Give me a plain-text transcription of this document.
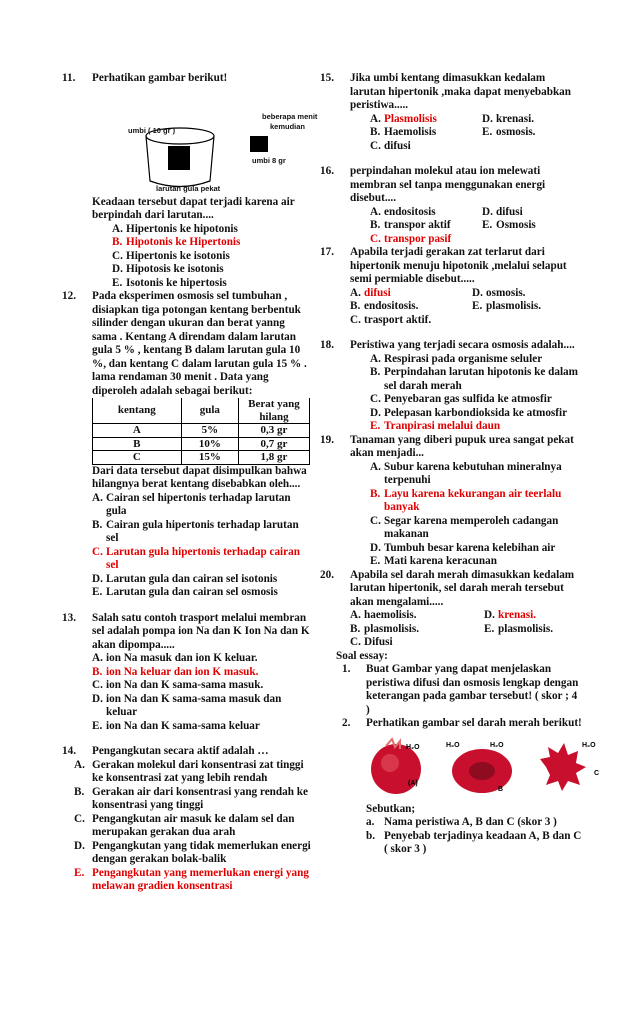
11. Perhatikan gambar berikut!
umbi ( 10 gr )
beberapa menit
kemudian
umbi 8 gr
larutan gula pekat
Keadaan tersebut dapat terjadi karena air berpindah dari larutan....
A. Hipertonis ke hipotonis
B. Hipotonis ke Hipertonis
C. Hipertonis ke isotonis
D. Hipotosis ke isotonis
E. Isotonis ke hipertosis
12. Pada eksperimen osmosis sel tumbuhan , disiapkan tiga potongan kentang berbentuk silinder dengan ukuran dan berat yanng sama . Kentang A direndam dalam larutan gula 5 % , kentang B dalam larutan gula 10 %, dan kentang C dalam larutan gula 15 % . lama rendaman 30 menit . Data yang diperoleh adalah sebagai berikut:
kentang	gula	Berat yang hilang
A	5%	0,3 gr
B	10%	0,7 gr
C	15%	1,8 gr
Dari data tersebut dapat disimpulkan bahwa hilangnya berat kentang disebabkan oleh....
A. Cairan sel hipertonis terhadap larutan gula
B. Cairan gula hipertonis terhadap larutan sel
C. Larutan gula hipertonis terhadap cairan sel
D. Larutan gula dan cairan sel isotonis
E. Larutan gula dan cairan sel osmosis
13. Salah satu contoh trasport melalui membran sel adalah pompa ion Na dan K Ion Na dan K akan dipompa.....
A. ion Na masuk dan ion K keluar.
B. ion Na keluar dan ion K masuk.
C. ion Na dan K sama-sama masuk.
D. ion Na dan K sama-sama masuk dan keluar
E. ion Na dan K sama-sama keluar
14. Pengangkutan secara aktif adalah …
A. Gerakan molekul dari konsentrasi zat tinggi ke konsentrasi zat yang lebih rendah
B. Gerakan air dari konsentrasi yang rendah ke konsentrasi yang tinggi
C. Pengangkutan air masuk ke dalam sel dan merupakan gerakan dua arah
D. Pengangkutan yang tidak memerlukan energi dengan gerakan bolak-balik
E. Pengangkutan yang memerlukan energi yang melawan gradien konsentrasi
15. Jika umbi kentang dimasukkan kedalam larutan hipertonik ,maka dapat menyebabkan peristiwa.....
A. Plasmolisis	D. krenasi.
B. Haemolisis	E. osmosis.
C. difusi
16. perpindahan molekul atau ion melewati membran sel tanpa menggunakan energi disebut....
A. endositosis	D. difusi
B. transpor aktif	E. Osmosis
C. transpor pasif
17. Apabila terjadi gerakan zat terlarut dari hipertonik menuju hipotonik ,melalui selaput semi permiable disebut.....
A. difusi	D. osmosis.
B. endositosis.	E. plasmolisis.
C. trasport aktif.
18. Peristiwa yang terjadi secara osmosis adalah....
A. Respirasi pada organisme seluler
B. Perpindahan larutan hipotonis ke dalam sel darah merah
C. Penyebaran gas sulfida ke atmosfir
D. Pelepasan karbondioksida ke atmosfir
E. Tranpirasi melalui daun
19. Tanaman yang diberi pupuk urea sangat pekat akan menjadi...
A. Subur karena kebutuhan mineralnya terpenuhi
B. Layu karena kekurangan air teerlalu banyak
C. Segar karena memperoleh cadangan makanan
D. Tumbuh besar karena kelebihan air
E. Mati karena keracunan
20. Apabila sel darah merah dimasukkan kedalam larutan hipertonik, sel darah merah tersebut akan mengalami.....
A. haemolisis.	D. krenasi.
B. plasmolisis.	E. plasmolisis.
C. Difusi
Soal essay:
1. Buat Gambar yang dapat menjelaskan peristiwa difusi dan osmosis lengkap dengan keterangan pada gambar tersebut! ( skor ; 4 )
2. Perhatikan gambar sel darah merah berikut!
H₂O
(A)
H₂O	H₂O
B
H₂O
C
Sebutkan;
a. Nama peristiwa A, B dan C (skor 3 )
b. Penyebab terjadinya keadaan A, B dan C ( skor 3 )
